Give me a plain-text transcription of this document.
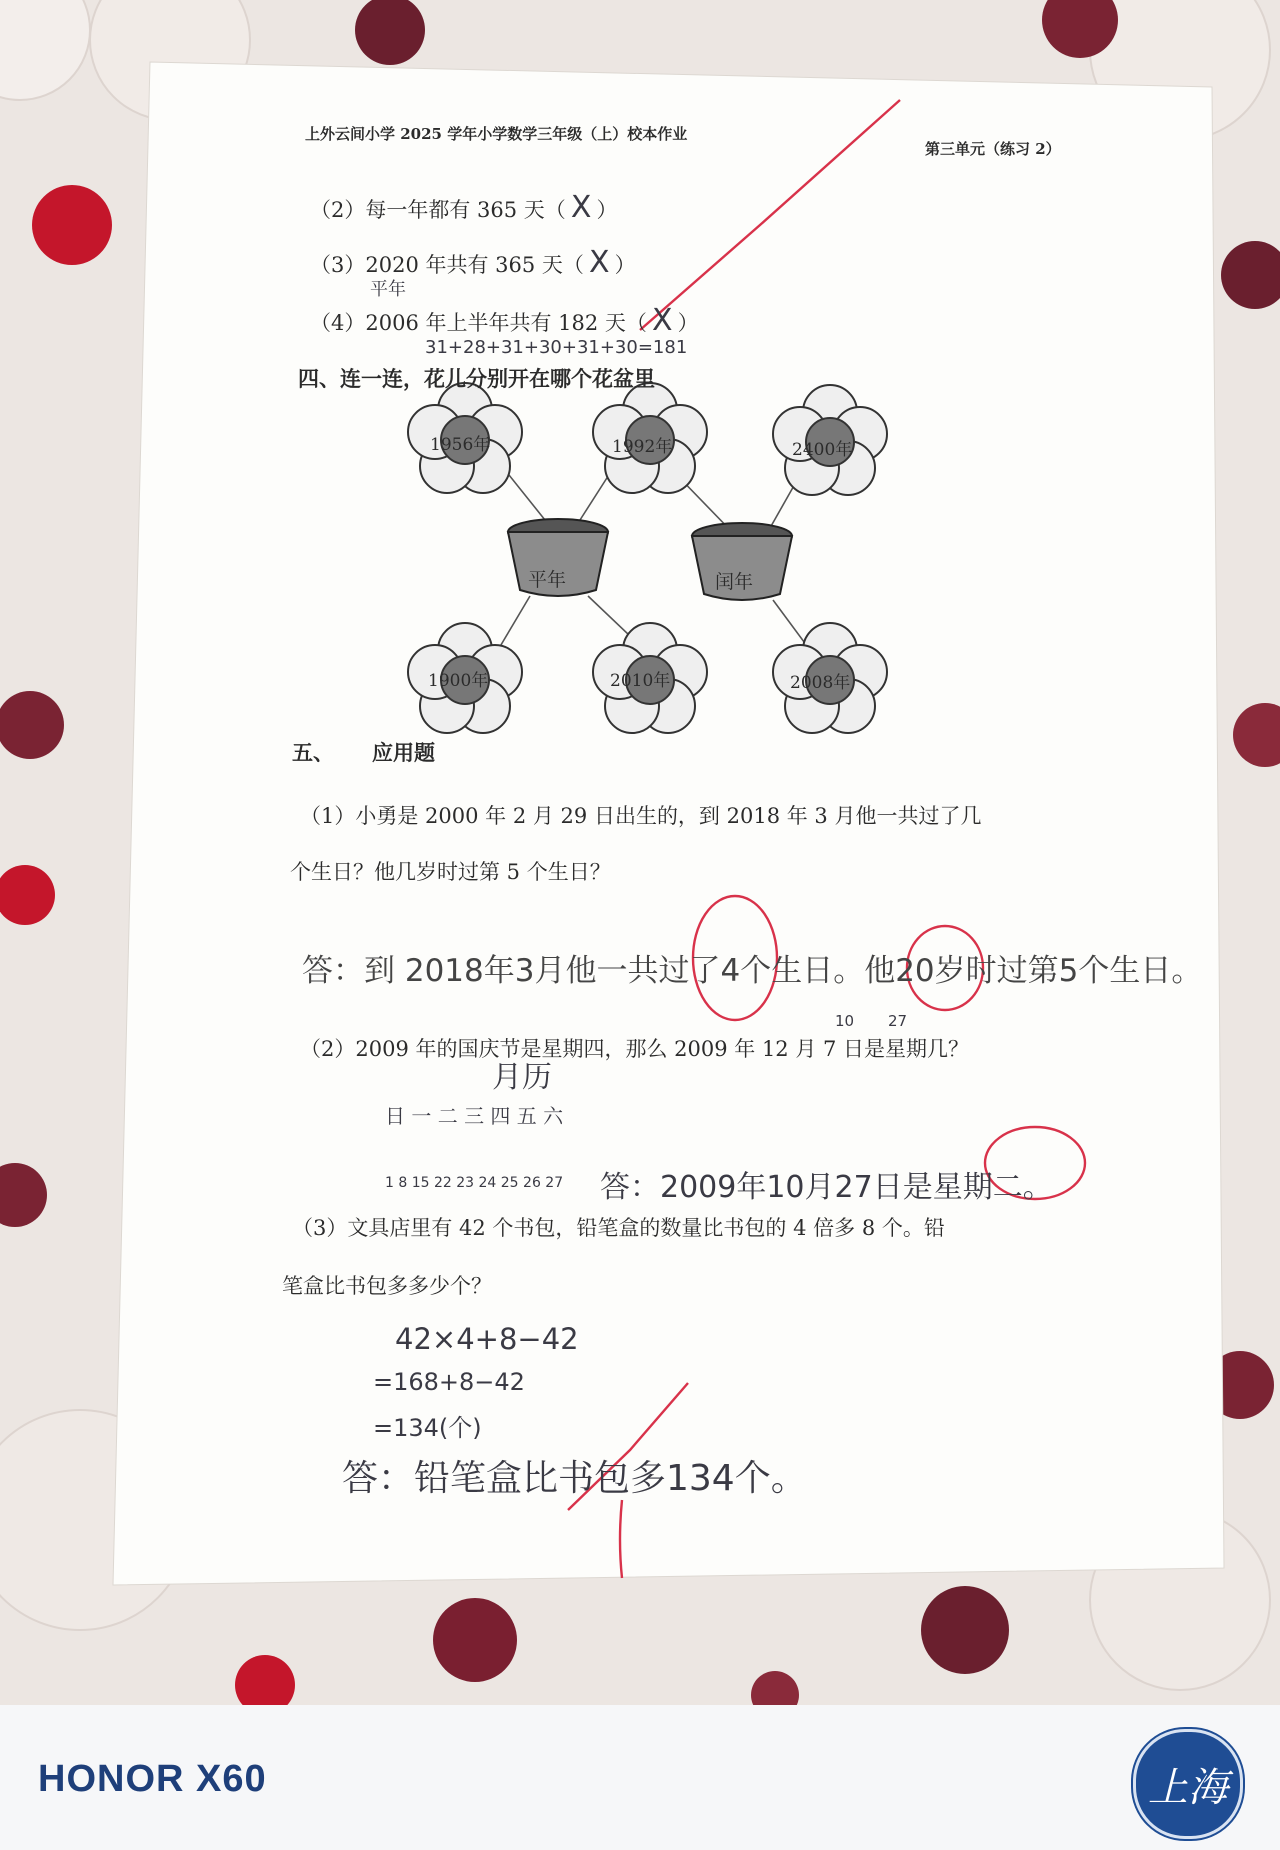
上外云间小学 2025 学年小学数学三年级（上）校本作业
第三单元（练习 2）
（2）每一年都有 365 天（ X ）
（3）2020 年共有 365 天（ X ）
平年
（4）2006 年上半年共有 182 天（ X ）
31+28+31+30+31+30=181
四、连一连，花儿分别开在哪个花盆里
1956年	1992年	2400年
平年	闰年
1900年	2010年	2008年
五、 应用题
（1）小勇是 2000 年 2 月 29 日出生的，到 2018 年 3 月他一共过了几
个生日？他几岁时过第 5 个生日？
答：到 2018年3月他一共过了4个生日。他20岁时过第5个生日。
10 27
（2）2009 年的国庆节是星期四，那么 2009 年 12 月 7 日是星期几？
月历
日 一 二 三 四 五 六
1 8 15 22 23 24 25 26 27 答：2009年10月27日是星期二。
（3）文具店里有 42 个书包，铅笔盒的数量比书包的 4 倍多 8 个。铅
笔盒比书包多多少个？
42×4+8−42
=168+8−42
=134(个)
答：铅笔盒比书包多134个。
HONOR X60	上海
